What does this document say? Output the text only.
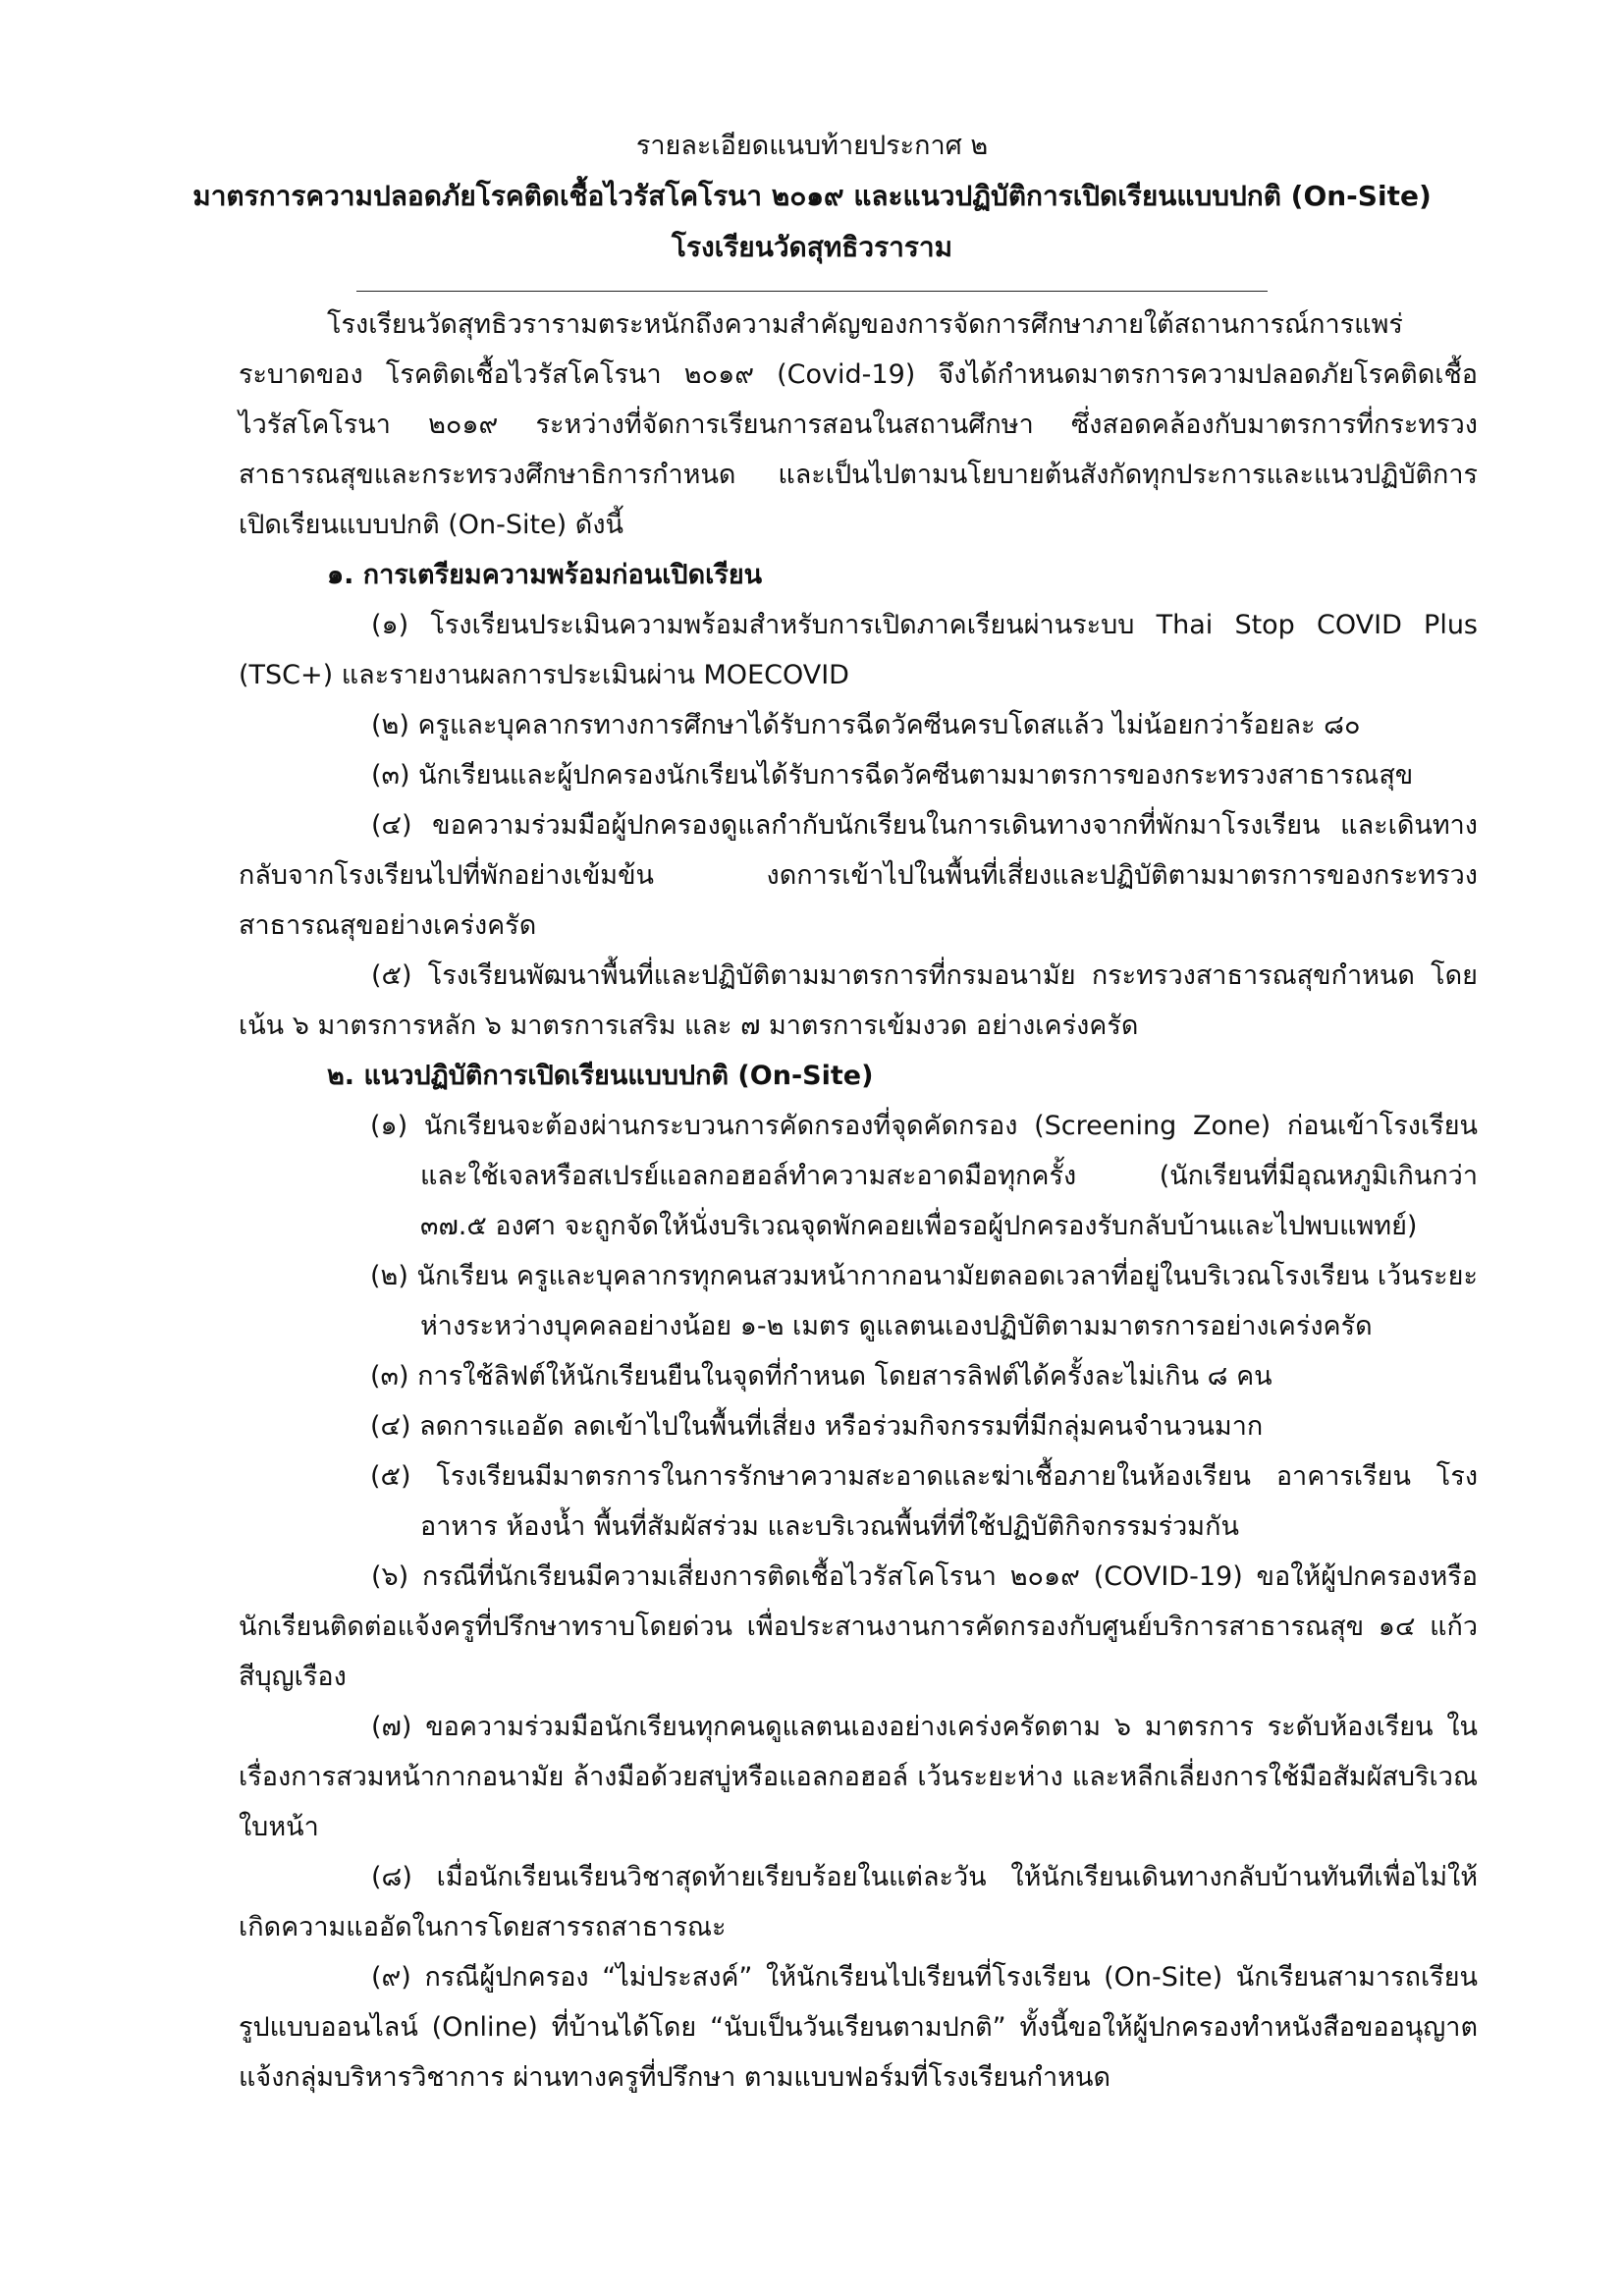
รายละเอียดแนบท้ายประกาศ ๒
มาตรการความปลอดภัยโรคติดเชื้อไวรัสโคโรนา ๒๐๑๙ และแนวปฏิบัติการเปิดเรียนแบบปกติ (On-Site)
โรงเรียนวัดสุทธิวราราม

โรงเรียนวัดสุทธิวรารามตระหนักถึงความสำคัญของการจัดการศึกษาภายใต้สถานการณ์การแพร่ระบาดของ โรคติดเชื้อไวรัสโคโรนา ๒๐๑๙ (Covid-19) จึงได้กำหนดมาตรการความปลอดภัยโรคติดเชื้อไวรัสโคโรนา ๒๐๑๙ ระหว่างที่จัดการเรียนการสอนในสถานศึกษา ซึ่งสอดคล้องกับมาตรการที่กระทรวงสาธารณสุขและกระทรวงศึกษาธิการกำหนด และเป็นไปตามนโยบายต้นสังกัดทุกประการและแนวปฏิบัติการเปิดเรียนแบบปกติ (On-Site) ดังนี้

๑. การเตรียมความพร้อมก่อนเปิดเรียน

(๑) โรงเรียนประเมินความพร้อมสำหรับการเปิดภาคเรียนผ่านระบบ Thai Stop COVID Plus (TSC+) และรายงานผลการประเมินผ่าน MOECOVID

(๒) ครูและบุคลากรทางการศึกษาได้รับการฉีดวัคซีนครบโดสแล้ว ไม่น้อยกว่าร้อยละ ๘๐

(๓) นักเรียนและผู้ปกครองนักเรียนได้รับการฉีดวัคซีนตามมาตรการของกระทรวงสาธารณสุข

(๔) ขอความร่วมมือผู้ปกครองดูแลกำกับนักเรียนในการเดินทางจากที่พักมาโรงเรียน และเดินทางกลับจากโรงเรียนไปที่พักอย่างเข้มข้น งดการเข้าไปในพื้นที่เสี่ยงและปฏิบัติตามมาตรการของกระทรวงสาธารณสุขอย่างเคร่งครัด

(๕) โรงเรียนพัฒนาพื้นที่และปฏิบัติตามมาตรการที่กรมอนามัย กระทรวงสาธารณสุขกำหนด โดยเน้น ๖ มาตรการหลัก ๖ มาตรการเสริม และ ๗ มาตรการเข้มงวด อย่างเคร่งครัด

๒. แนวปฏิบัติการเปิดเรียนแบบปกติ (On-Site)

(๑) นักเรียนจะต้องผ่านกระบวนการคัดกรองที่จุดคัดกรอง (Screening Zone) ก่อนเข้าโรงเรียน และใช้เจลหรือสเปรย์แอลกอฮอล์ทำความสะอาดมือทุกครั้ง (นักเรียนที่มีอุณหภูมิเกินกว่า ๓๗.๕ องศา จะถูกจัดให้นั่งบริเวณจุดพักคอยเพื่อรอผู้ปกครองรับกลับบ้านและไปพบแพทย์)

(๒) นักเรียน ครูและบุคลากรทุกคนสวมหน้ากากอนามัยตลอดเวลาที่อยู่ในบริเวณโรงเรียน เว้นระยะห่างระหว่างบุคคลอย่างน้อย ๑-๒ เมตร ดูแลตนเองปฏิบัติตามมาตรการอย่างเคร่งครัด

(๓) การใช้ลิฟต์ให้นักเรียนยืนในจุดที่กำหนด โดยสารลิฟต์ได้ครั้งละไม่เกิน ๘ คน

(๔) ลดการแออัด ลดเข้าไปในพื้นที่เสี่ยง หรือร่วมกิจกรรมที่มีกลุ่มคนจำนวนมาก

(๕) โรงเรียนมีมาตรการในการรักษาความสะอาดและฆ่าเชื้อภายในห้องเรียน อาคารเรียน โรงอาหาร ห้องน้ำ พื้นที่สัมผัสร่วม และบริเวณพื้นที่ที่ใช้ปฏิบัติกิจกรรมร่วมกัน

(๖) กรณีที่นักเรียนมีความเสี่ยงการติดเชื้อไวรัสโคโรนา ๒๐๑๙ (COVID-19) ขอให้ผู้ปกครองหรือนักเรียนติดต่อแจ้งครูที่ปรึกษาทราบโดยด่วน เพื่อประสานงานการคัดกรองกับศูนย์บริการสาธารณสุข ๑๔ แก้ว สีบุญเรือง

(๗) ขอความร่วมมือนักเรียนทุกคนดูแลตนเองอย่างเคร่งครัดตาม ๖ มาตรการ ระดับห้องเรียน ในเรื่องการสวมหน้ากากอนามัย ล้างมือด้วยสบู่หรือแอลกอฮอล์ เว้นระยะห่าง และหลีกเลี่ยงการใช้มือสัมผัสบริเวณใบหน้า

(๘) เมื่อนักเรียนเรียนวิชาสุดท้ายเรียบร้อยในแต่ละวัน ให้นักเรียนเดินทางกลับบ้านทันทีเพื่อไม่ให้เกิดความแออัดในการโดยสารรถสาธารณะ

(๙) กรณีผู้ปกครอง “ไม่ประสงค์” ให้นักเรียนไปเรียนที่โรงเรียน (On-Site) นักเรียนสามารถเรียนรูปแบบออนไลน์ (Online) ที่บ้านได้โดย “นับเป็นวันเรียนตามปกติ” ทั้งนี้ขอให้ผู้ปกครองทำหนังสือขออนุญาตแจ้งกลุ่มบริหารวิชาการ ผ่านทางครูที่ปรึกษา ตามแบบฟอร์มที่โรงเรียนกำหนด
